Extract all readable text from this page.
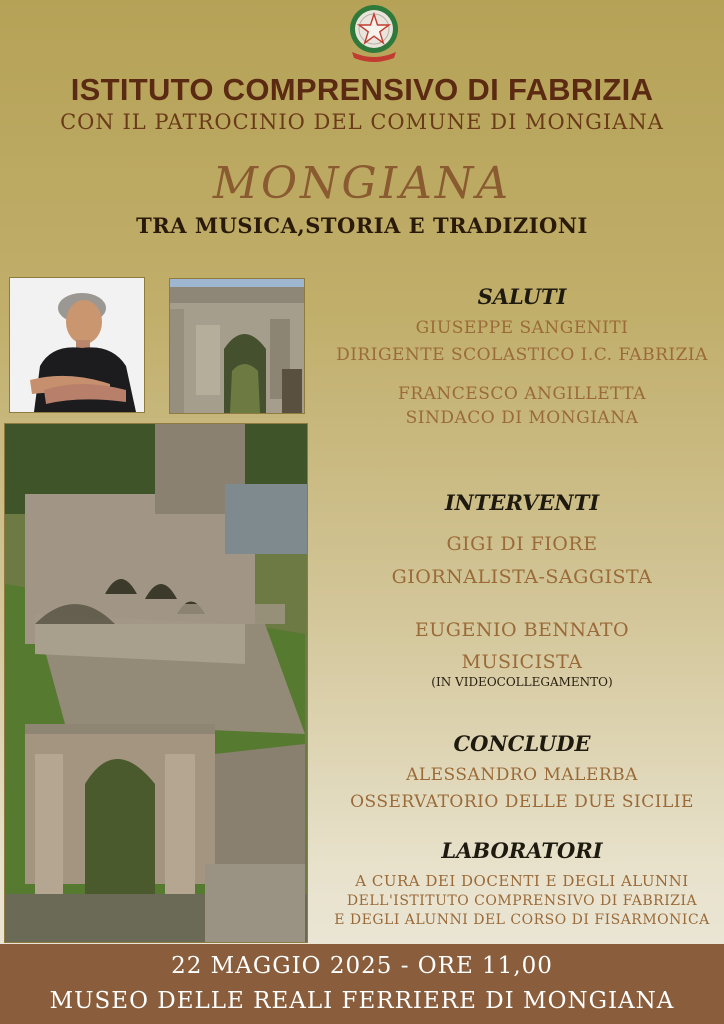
ISTITUTO COMPRENSIVO DI FABRIZIA
CON IL PATROCINIO DEL COMUNE DI MONGIANA
MONGIANA
TRA MUSICA,STORIA E TRADIZIONI
SALUTI
GIUSEPPE SANGENITI
DIRIGENTE SCOLASTICO I.C. FABRIZIA
FRANCESCO ANGILLETTA
SINDACO DI MONGIANA
INTERVENTI
GIGI DI FIORE
GIORNALISTA-SAGGISTA
EUGENIO BENNATO
MUSICISTA
(IN VIDEOCOLLEGAMENTO)
CONCLUDE
ALESSANDRO MALERBA
OSSERVATORIO DELLE DUE SICILIE
LABORATORI
A CURA DEI DOCENTI E DEGLI ALUNNI
DELL'ISTITUTO COMPRENSIVO DI FABRIZIA
E DEGLI ALUNNI DEL CORSO DI FISARMONICA
22 MAGGIO 2025 - ORE 11,00
MUSEO DELLE REALI FERRIERE DI MONGIANA
